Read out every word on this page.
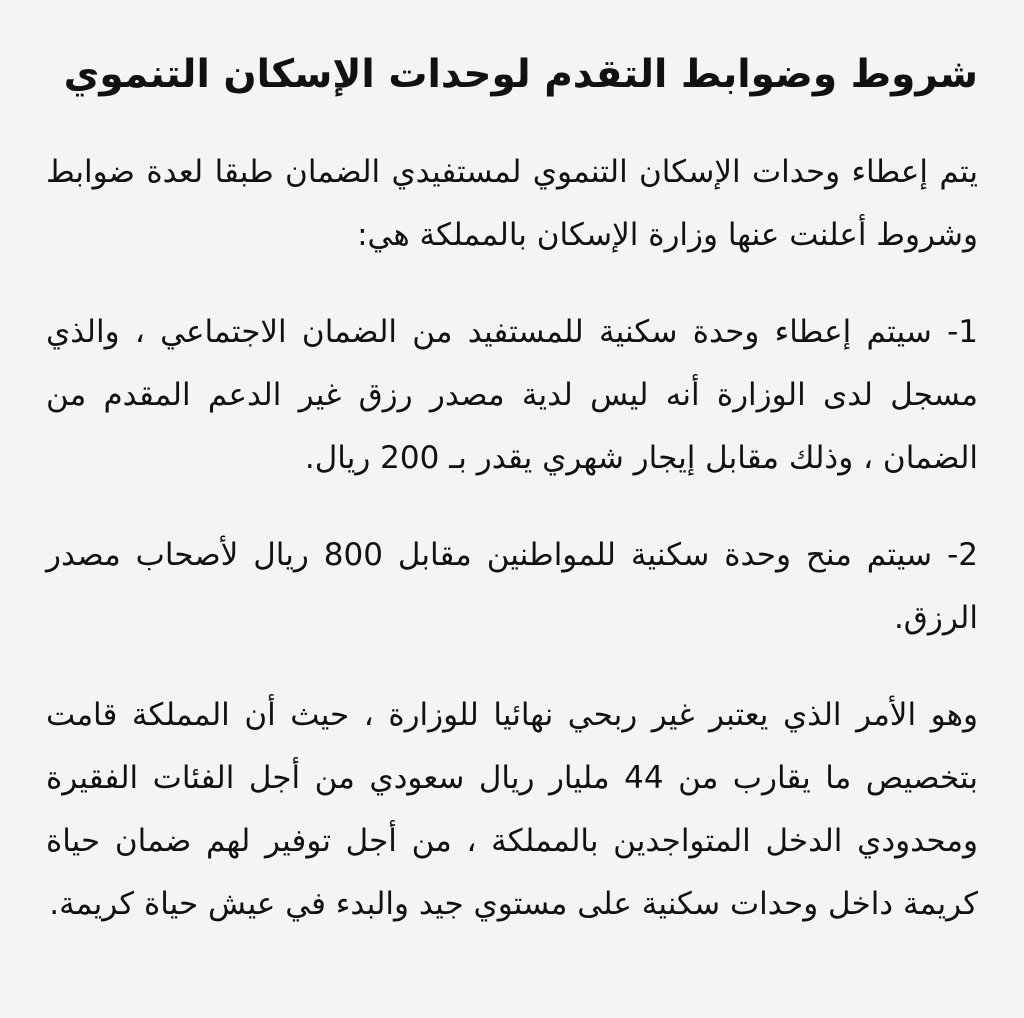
شروط وضوابط التقدم لوحدات الإسكان التنموي

يتم إعطاء وحدات الإسكان التنموي لمستفيدي الضمان طبقا لعدة ضوابط وشروط أعلنت عنها وزارة الإسكان بالمملكة هي:

1- سيتم إعطاء وحدة سكنية للمستفيد من الضمان الاجتماعي ، والذي مسجل لدى الوزارة أنه ليس لدية مصدر رزق غير الدعم المقدم من الضمان ، وذلك مقابل إيجار شهري يقدر بـ 200 ريال.

2- سيتم منح وحدة سكنية للمواطنين مقابل 800 ريال لأصحاب مصدر الرزق.

وهو الأمر الذي يعتبر غير ربحي نهائيا للوزارة ، حيث أن المملكة قامت بتخصيص ما يقارب من 44 مليار ريال سعودي من أجل الفئات الفقيرة ومحدودي الدخل المتواجدين بالمملكة ، من أجل توفير لهم ضمان حياة كريمة داخل وحدات سكنية على مستوي جيد والبدء في عيش حياة كريمة.
